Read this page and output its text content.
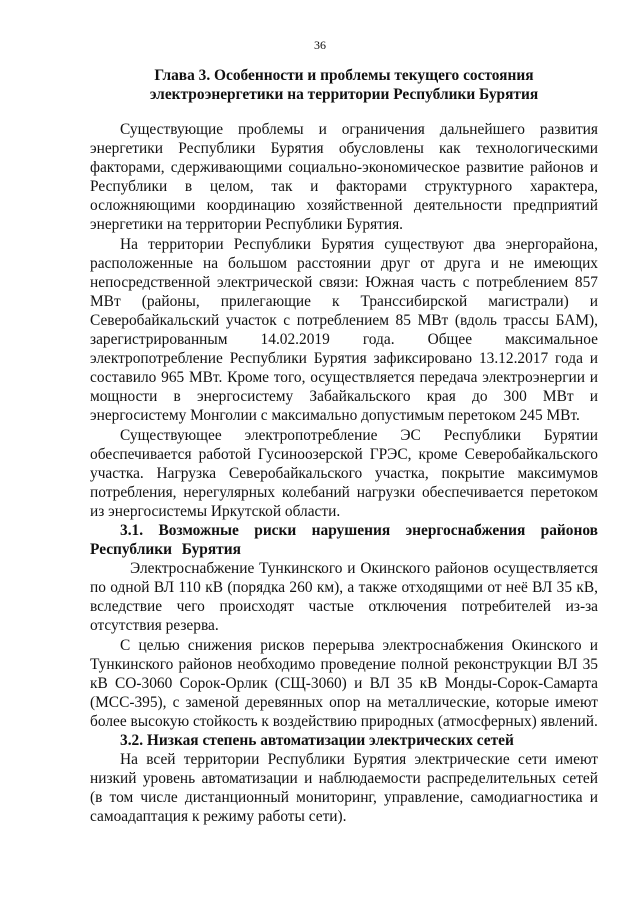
36
Глава 3. Особенности и проблемы текущего состояния
электроэнергетики на территории Республики Бурятия

Существующие проблемы и ограничения дальнейшего развития энергетики Республики Бурятия обусловлены как технологическими факторами, сдерживающими социально-экономическое развитие районов и Республики в целом, так и факторами структурного характера, осложняющими координацию хозяйственной деятельности предприятий энергетики на территории Республики Бурятия.

На территории Республики Бурятия существуют два энергорайона, расположенные на большом расстоянии друг от друга и не имеющих непосредственной электрической связи: Южная часть с потреблением 857 МВт (районы, прилегающие к Транссибирской магистрали) и Северобайкальский участок с потреблением 85 МВт (вдоль трассы БАМ), зарегистрированным 14.02.2019 года. Общее максимальное электропотребление Республики Бурятия зафиксировано 13.12.2017 года и составило 965 МВт. Кроме того, осуществляется передача электроэнергии и мощности в энергосистему Забайкальского края до 300 МВт и энергосистему Монголии с максимально допустимым перетоком 245 МВт.

Существующее электропотребление ЭС Республики Бурятии обеспечивается работой Гусиноозерской ГРЭС, кроме Северобайкальского участка. Нагрузка Северобайкальского участка, покрытие максимумов потребления, нерегулярных колебаний нагрузки обеспечивается перетоком из энергосистемы Иркутской области.

3.1. Возможные риски нарушения энергоснабжения районов Республики Бурятия

Электроснабжение Тункинского и Окинского районов осуществляется по одной ВЛ 110 кВ (порядка 260 км), а также отходящими от неё ВЛ 35 кВ, вследствие чего происходят частые отключения потребителей из-за отсутствия резерва.

С целью снижения рисков перерыва электроснабжения Окинского и Тункинского районов необходимо проведение полной реконструкции ВЛ 35 кВ СО-3060 Сорок-Орлик (СЩ-3060) и ВЛ 35 кВ Монды-Сорок-Самарта (МСС-395), с заменой деревянных опор на металлические, которые имеют более высокую стойкость к воздействию природных (атмосферных) явлений.

3.2. Низкая степень автоматизации электрических сетей

На всей территории Республики Бурятия электрические сети имеют низкий уровень автоматизации и наблюдаемости распределительных сетей (в том числе дистанционный мониторинг, управление, самодиагностика и самоадаптация к режиму работы сети).
